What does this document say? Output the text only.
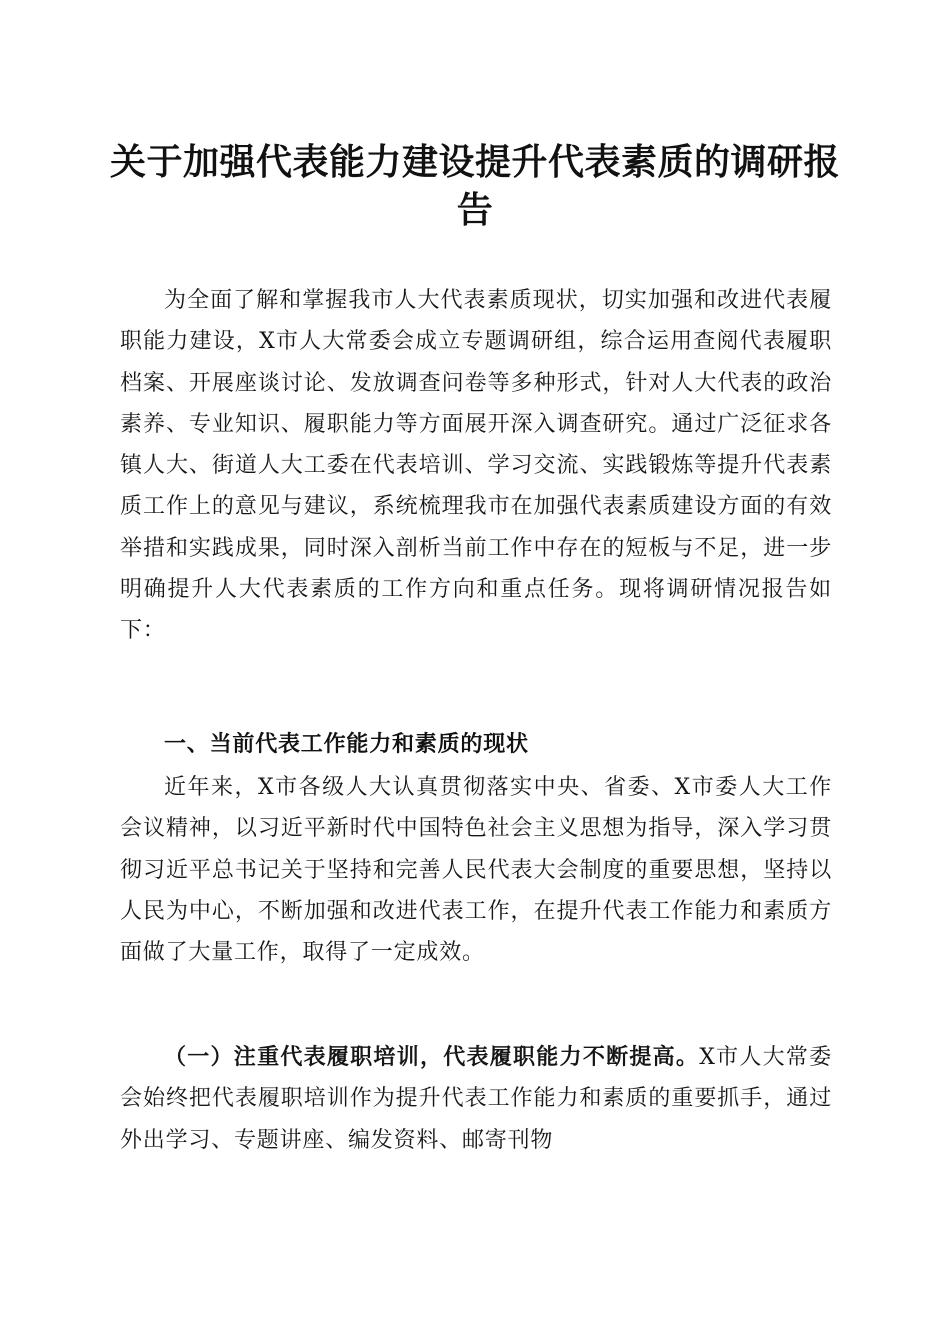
关于加强代表能力建设提升代表素质的调研报告

为全面了解和掌握我市人大代表素质现状，切实加强和改进代表履职能力建设，X市人大常委会成立专题调研组，综合运用查阅代表履职档案、开展座谈讨论、发放调查问卷等多种形式，针对人大代表的政治素养、专业知识、履职能力等方面展开深入调查研究。通过广泛征求各镇人大、街道人大工委在代表培训、学习交流、实践锻炼等提升代表素质工作上的意见与建议，系统梳理我市在加强代表素质建设方面的有效举措和实践成果，同时深入剖析当前工作中存在的短板与不足，进一步明确提升人大代表素质的工作方向和重点任务。现将调研情况报告如下：

一、当前代表工作能力和素质的现状

近年来，X市各级人大认真贯彻落实中央、省委、X市委人大工作会议精神，以习近平新时代中国特色社会主义思想为指导，深入学习贯彻习近平总书记关于坚持和完善人民代表大会制度的重要思想，坚持以人民为中心，不断加强和改进代表工作，在提升代表工作能力和素质方面做了大量工作，取得了一定成效。

（一）注重代表履职培训，代表履职能力不断提高。X市人大常委会始终把代表履职培训作为提升代表工作能力和素质的重要抓手，通过外出学习、专题讲座、编发资料、邮寄刊物
